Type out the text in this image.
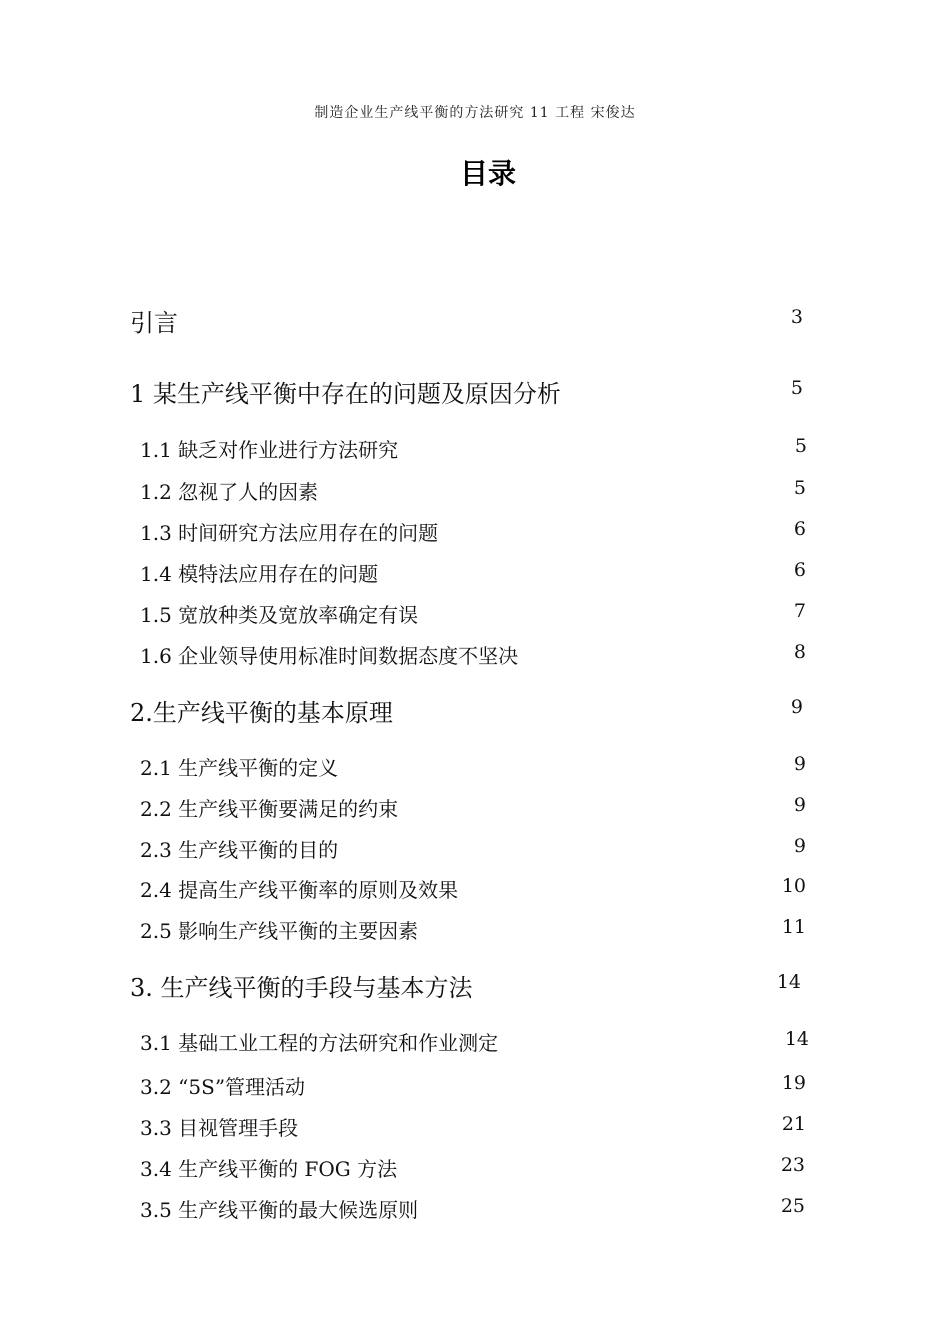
制造企业生产线平衡的方法研究 11 工程 宋俊达
目录
引言	3
1 某生产线平衡中存在的问题及原因分析	5
1.1 缺乏对作业进行方法研究	5
1.2 忽视了人的因素	5
1.3 时间研究方法应用存在的问题	6
1.4 模特法应用存在的问题	6
1.5 宽放种类及宽放率确定有误	7
1.6 企业领导使用标准时间数据态度不坚决	8
2.生产线平衡的基本原理	9
2.1 生产线平衡的定义	9
2.2 生产线平衡要满足的约束	9
2.3 生产线平衡的目的	9
2.4 提高生产线平衡率的原则及效果	10
2.5 影响生产线平衡的主要因素	11
3. 生产线平衡的手段与基本方法	14
3.1 基础工业工程的方法研究和作业测定	14
3.2 “5S”管理活动	19
3.3 目视管理手段	21
3.4 生产线平衡的 FOG 方法	23
3.5 生产线平衡的最大候选原则	25
